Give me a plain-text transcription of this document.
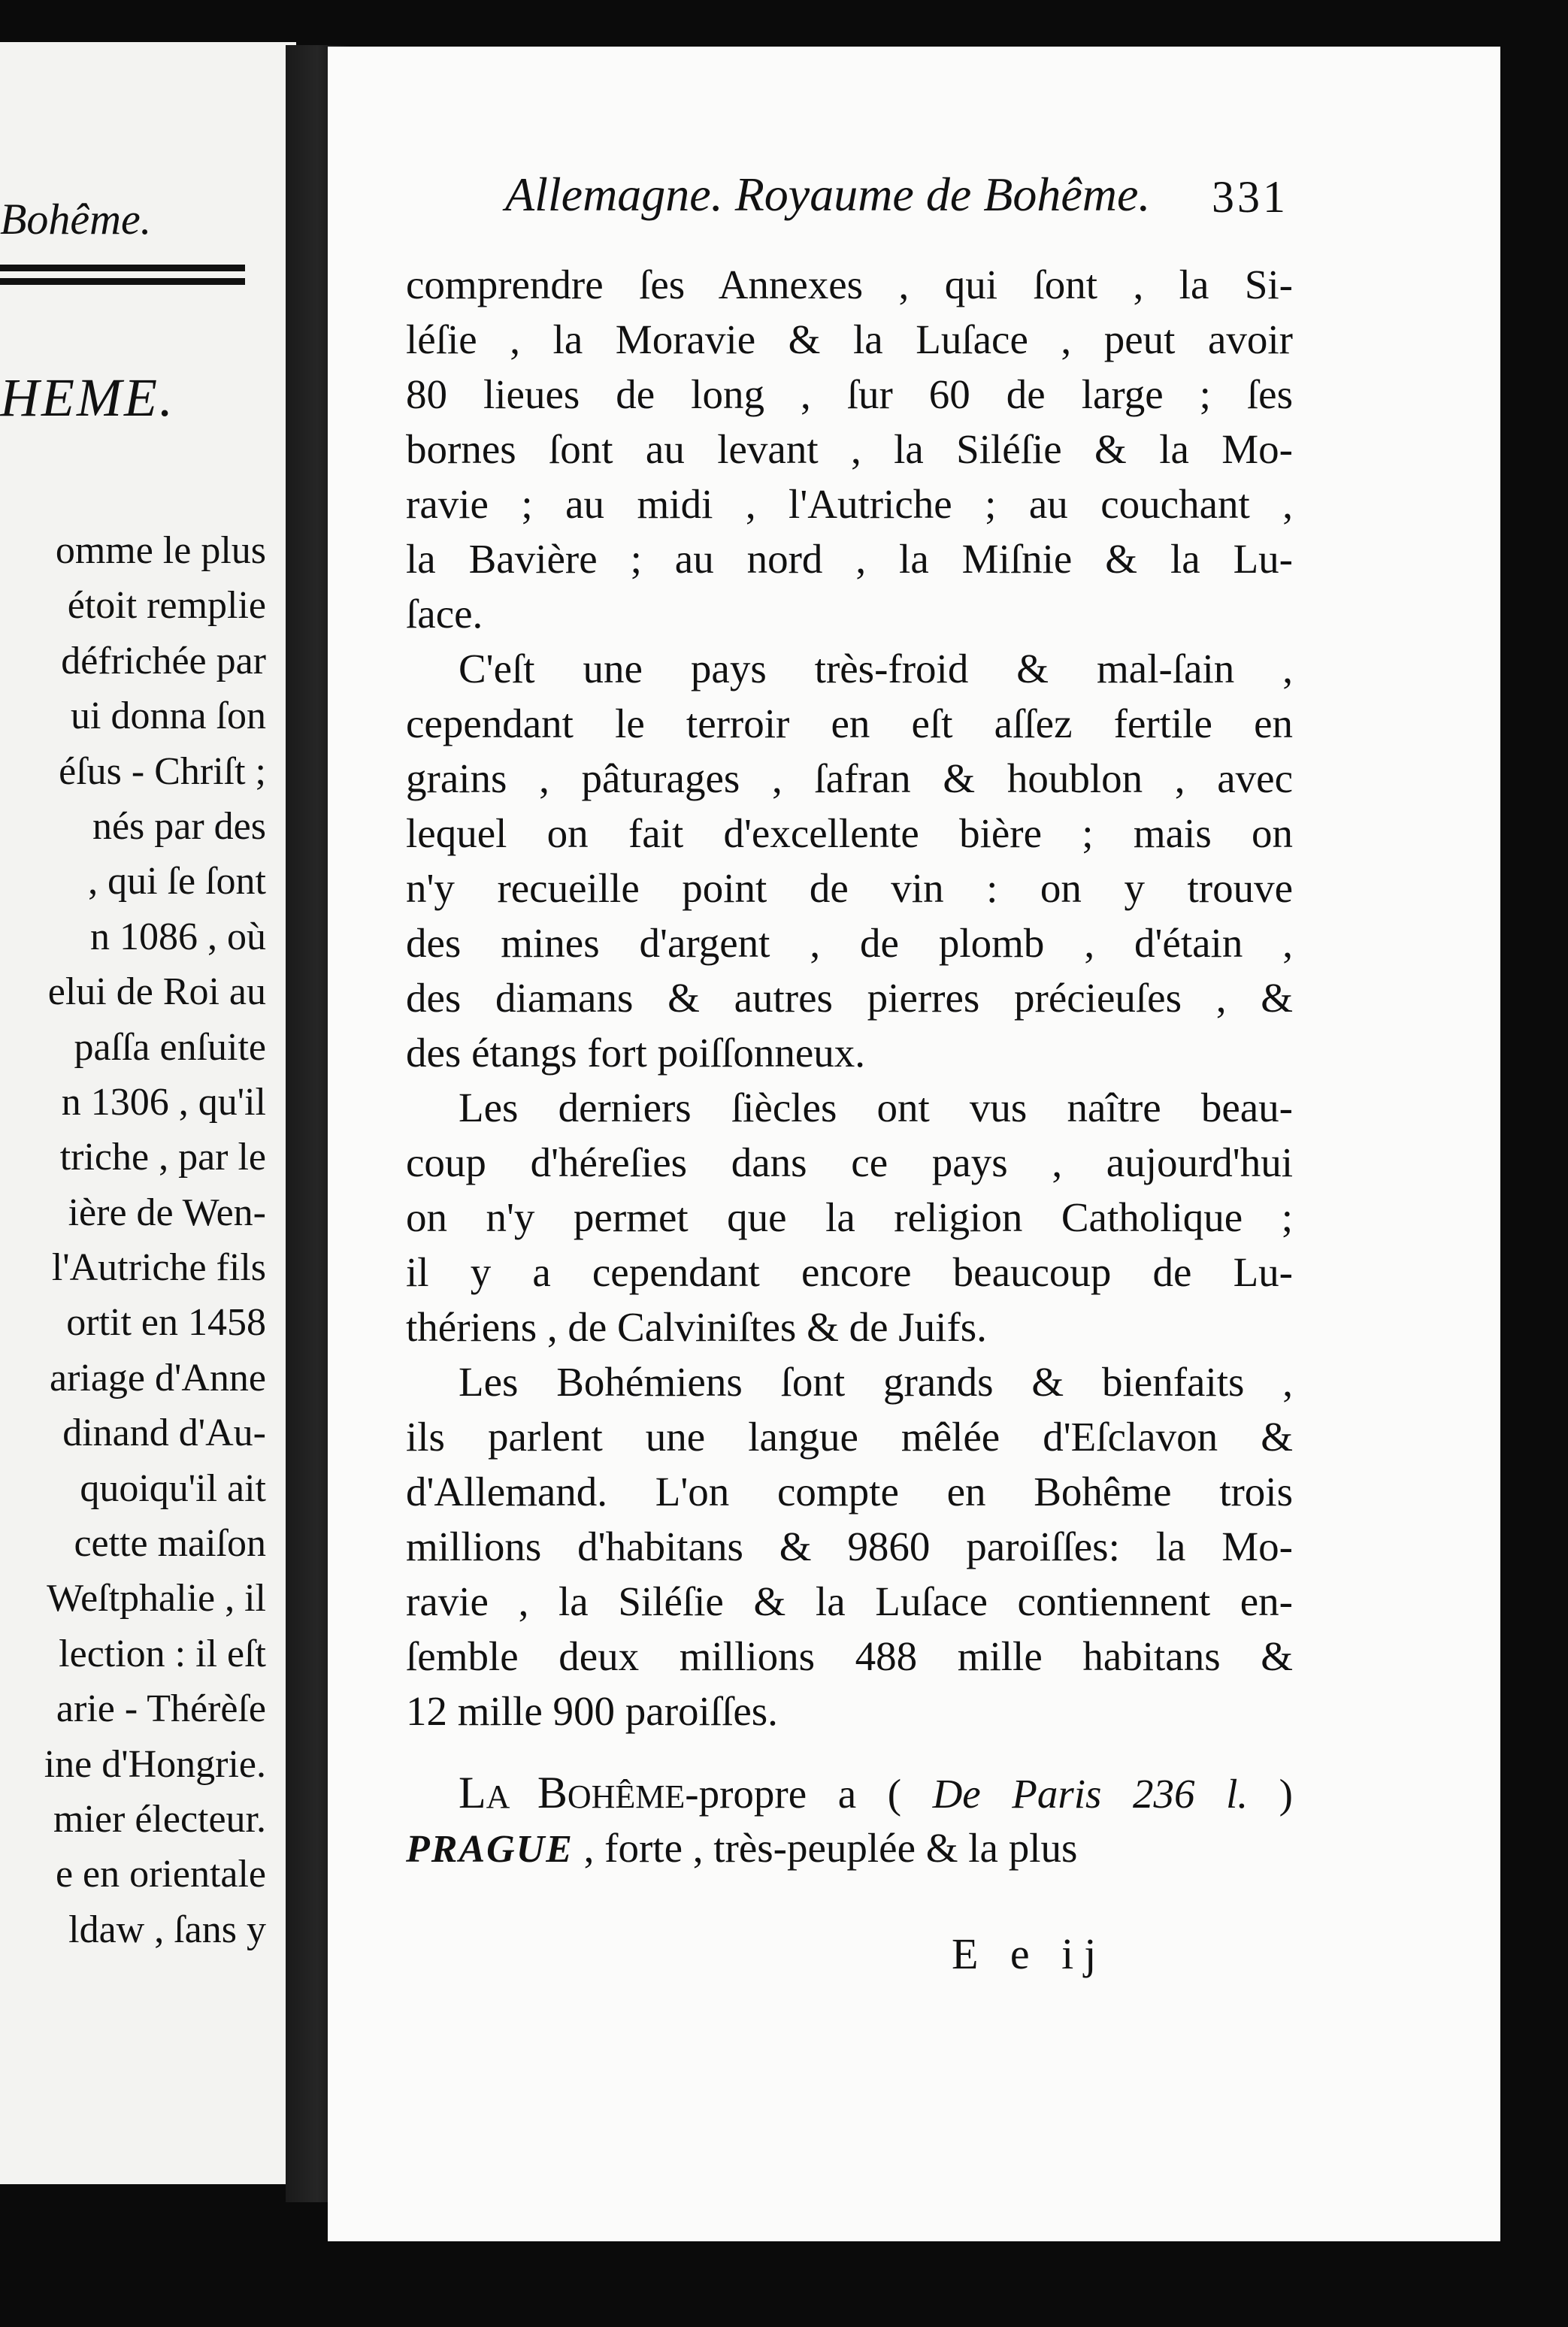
Bohême.
HEME.
omme le plus
étoit remplie
défrichée par
ui donna ſon
éſus - Chriſt ;
nés par des
, qui ſe ſont
n 1086 , où
elui de Roi au
paſſa enſuite
n 1306 , qu'il
triche , par le
ière de Wen-
l'Autriche fils
ortit en 1458
ariage d'Anne
dinand d'Au-
quoiqu'il ait
cette maiſon
Weſtphalie , il
lection : il eſt
arie - Thérèſe
ine d'Hongrie.
mier électeur.
e en orientale
ldaw , ſans y
Allemagne. Royaume de Bohême. 331
comprendre ſes Annexes , qui ſont , la Si-
léſie , la Moravie & la Luſace , peut avoir
80 lieues de long , ſur 60 de large ; ſes
bornes ſont au levant , la Siléſie & la Mo-
ravie ; au midi , l'Autriche ; au couchant ,
la Bavière ; au nord , la Miſnie & la Lu-
ſace.
C'eſt une pays très-froid & mal-ſain ,
cependant le terroir en eſt aſſez fertile en
grains , pâturages , ſafran & houblon , avec
lequel on fait d'excellente bière ; mais on
n'y recueille point de vin : on y trouve
des mines d'argent , de plomb , d'étain ,
des diamans & autres pierres précieuſes , &
des étangs fort poiſſonneux.
Les derniers ſiècles ont vus naître beau-
coup d'héreſies dans ce pays , aujourd'hui
on n'y permet que la religion Catholique ;
il y a cependant encore beaucoup de Lu-
thériens , de Calviniſtes & de Juifs.
Les Bohémiens ſont grands & bienfaits ,
ils parlent une langue mêlée d'Eſclavon &
d'Allemand. L'on compte en Bohême trois
millions d'habitans & 9860 paroiſſes: la Mo-
ravie , la Siléſie & la Luſace contiennent en-
ſemble deux millions 488 mille habitans &
12 mille 900 paroiſſes.
LA BOHÊME-propre a ( De Paris 236 l. )
PRAGUE , forte , très-peuplée & la plus
E e ij
